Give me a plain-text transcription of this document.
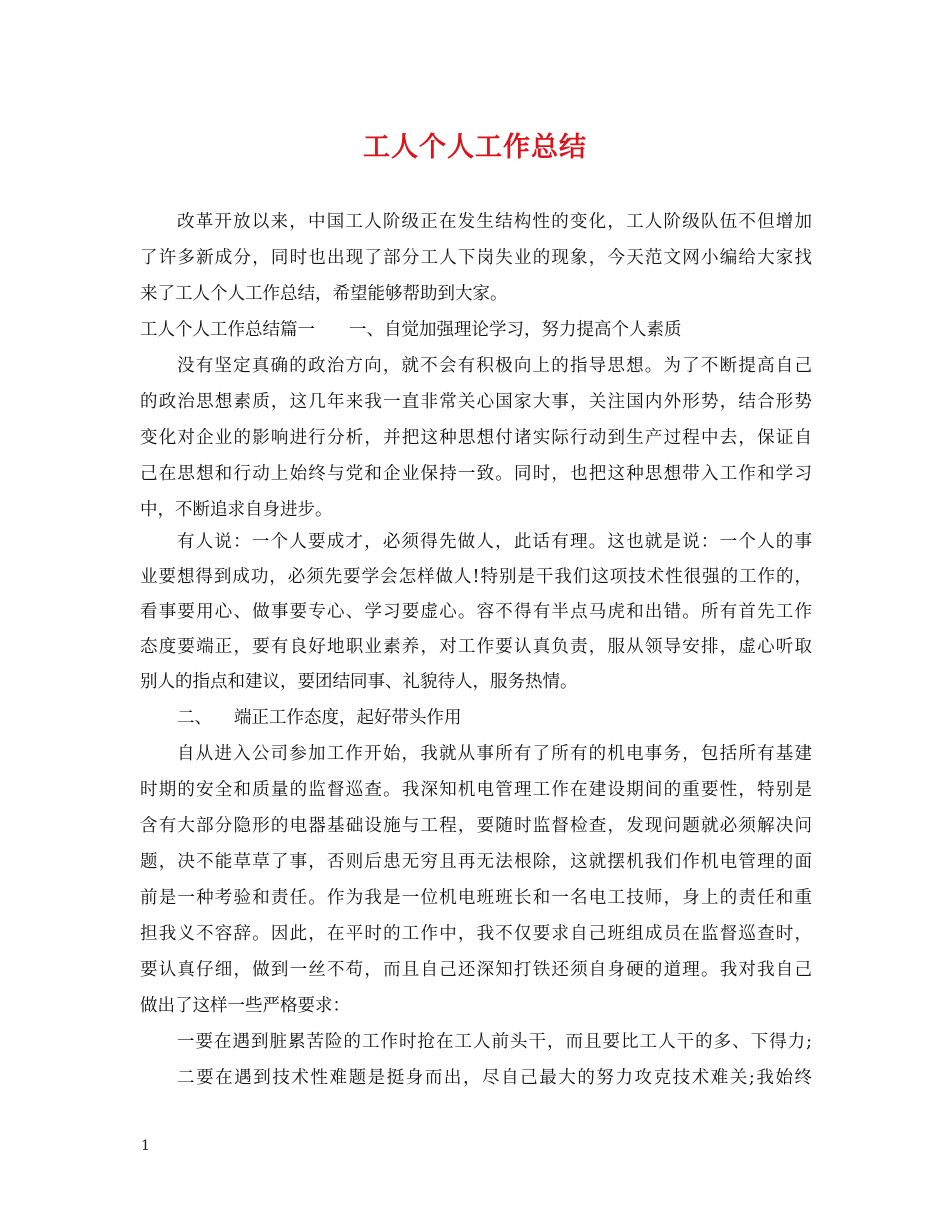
工人个人工作总结
改革开放以来，中国工人阶级正在发生结构性的变化，工人阶级队伍不但增加
了许多新成分，同时也出现了部分工人下岗失业的现象，今天范文网小编给大家找
来了工人个人工作总结，希望能够帮助到大家。
工人个人工作总结篇一 一、自觉加强理论学习，努力提高个人素质
没有坚定真确的政治方向，就不会有积极向上的指导思想。为了不断提高自己
的政治思想素质，这几年来我一直非常关心国家大事，关注国内外形势，结合形势
变化对企业的影响进行分析，并把这种思想付诸实际行动到生产过程中去，保证自
己在思想和行动上始终与党和企业保持一致。同时，也把这种思想带入工作和学习
中，不断追求自身进步。
有人说：一个人要成才，必须得先做人，此话有理。这也就是说：一个人的事
业要想得到成功，必须先要学会怎样做人!特别是干我们这项技术性很强的工作的，
看事要用心、做事要专心、学习要虚心。容不得有半点马虎和出错。所有首先工作
态度要端正，要有良好地职业素养，对工作要认真负责，服从领导安排，虚心听取
别人的指点和建议，要团结同事、礼貌待人，服务热情。
二、 端正工作态度，起好带头作用
自从进入公司参加工作开始，我就从事所有了所有的机电事务，包括所有基建
时期的安全和质量的监督巡查。我深知机电管理工作在建设期间的重要性，特别是
含有大部分隐形的电器基础设施与工程，要随时监督检查，发现问题就必须解决问
题，决不能草草了事，否则后患无穷且再无法根除，这就摆机我们作机电管理的面
前是一种考验和责任。作为我是一位机电班班长和一名电工技师，身上的责任和重
担我义不容辞。因此，在平时的工作中，我不仅要求自己班组成员在监督巡查时，
要认真仔细，做到一丝不苟，而且自己还深知打铁还须自身硬的道理。我对我自己
做出了这样一些严格要求：
一要在遇到脏累苦险的工作时抢在工人前头干，而且要比工人干的多、下得力;
二要在遇到技术性难题是挺身而出，尽自己最大的努力攻克技术难关;我始终
1
